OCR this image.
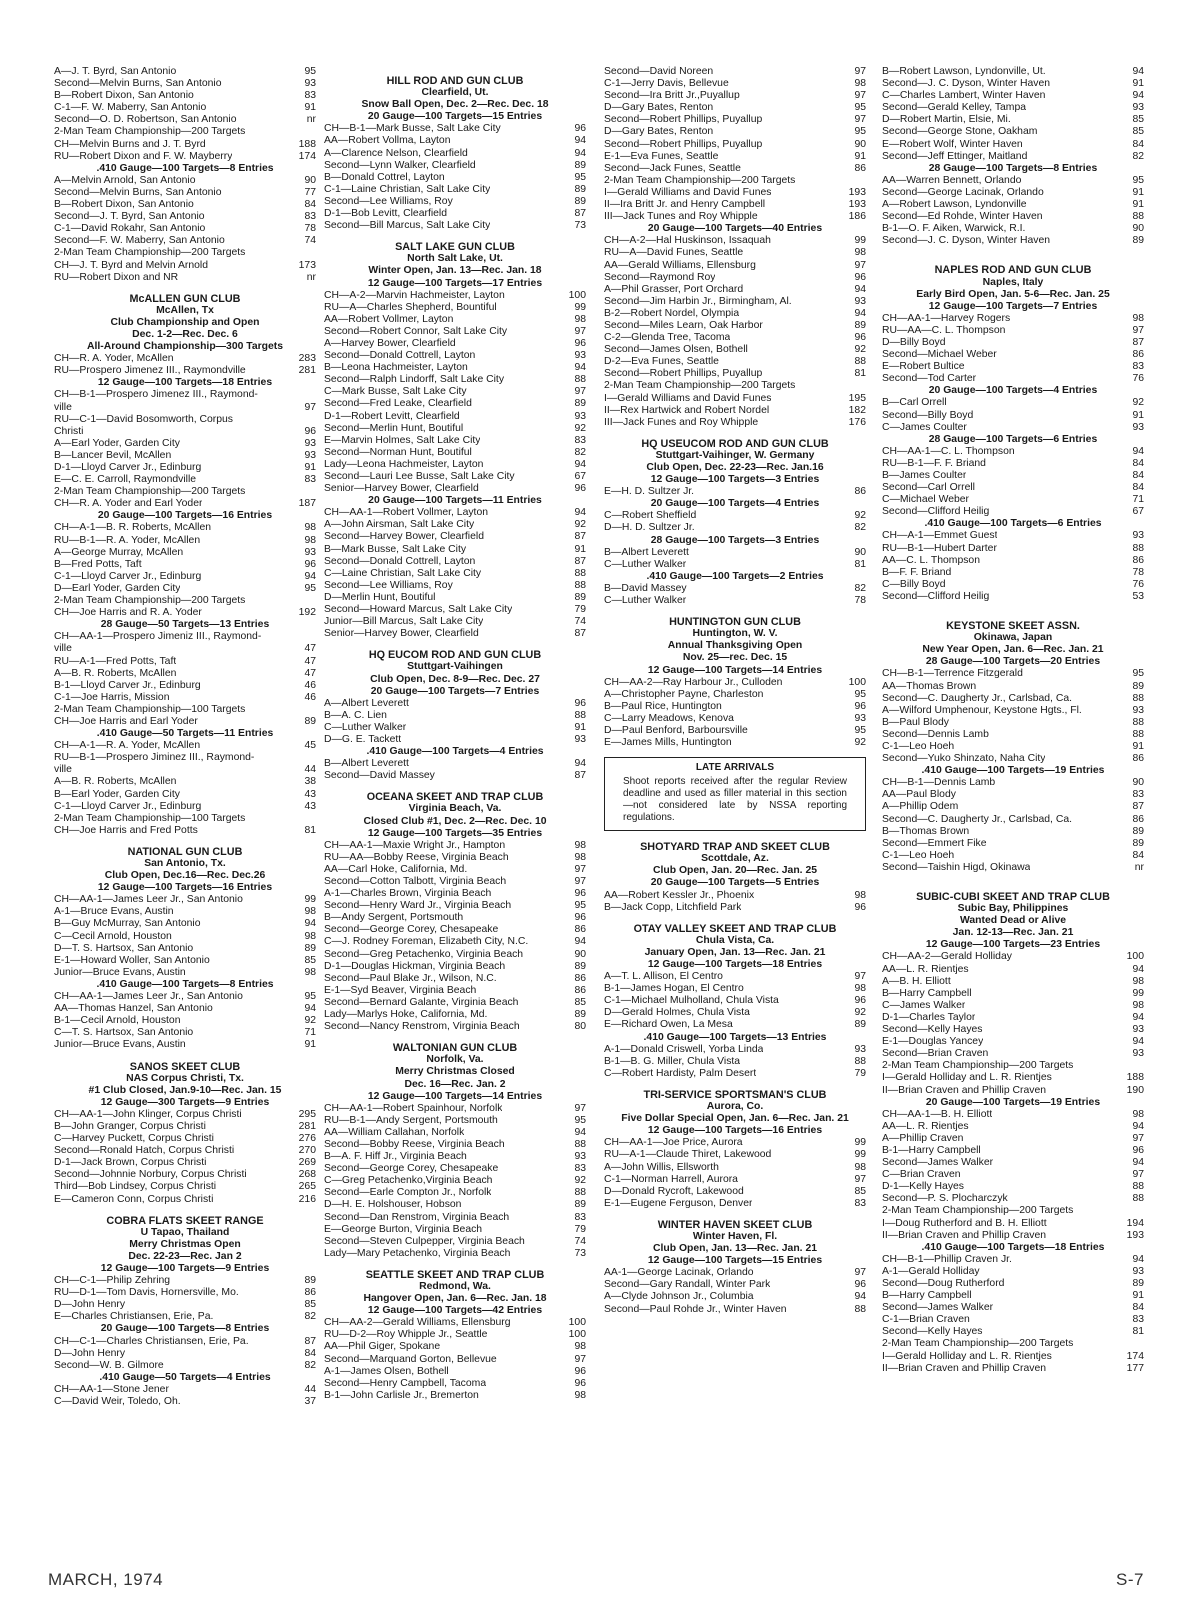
A—J. T. Byrd, San Antonio	95
Second—Melvin Burns, San Antonio	93
B—Robert Dixon, San Antonio	83
C-1—F. W. Maberry, San Antonio	91
Second—O. D. Robertson, San Antonio	nr
2-Man Team Championship—200 Targets
CH—Melvin Burns and J. T. Byrd	188
RU—Robert Dixon and F. W. Mayberry	174
.410 Gauge—100 Targets—8 Entries
A—Melvin Arnold, San Antonio	90
Second—Melvin Burns, San Antonio	77
B—Robert Dixon, San Antonio	84
Second—J. T. Byrd, San Antonio	83
C-1—David Rokahr, San Antonio	78
Second—F. W. Maberry, San Antonio	74
2-Man Team Championship—200 Targets
CH—J. T. Byrd and Melvin Arnold	173
RU—Robert Dixon and NR	nr
McALLEN GUN CLUB
McAllen, Tx
Club Championship and Open
Dec. 1-2—Rec. Dec. 6
All-Around Championship—300 Targets
CH—R. A. Yoder, McAllen	283
RU—Prospero Jimenez III., Raymondville	281
12 Gauge—100 Targets—18 Entries
CH—B-1—Prospero Jimenez III., Raymond-
ville	97
RU—C-1—David Bosomworth, Corpus
Christi	96
A—Earl Yoder, Garden City	93
B—Lancer Bevil, McAllen	93
D-1—Lloyd Carver Jr., Edinburg	91
E—C. E. Carroll, Raymondville	83
2-Man Team Championship—200 Targets
CH—R. A. Yoder and Earl Yoder	187
20 Gauge—100 Targets—16 Entries
CH—A-1—B. R. Roberts, McAllen	98
RU—B-1—R. A. Yoder, McAllen	98
A—George Murray, McAllen	93
B—Fred Potts, Taft	96
C-1—Lloyd Carver Jr., Edinburg	94
D—Earl Yoder, Garden City	95
2-Man Team Championship—200 Targets
CH—Joe Harris and R. A. Yoder	192
28 Gauge—50 Targets—13 Entries
CH—AA-1—Prospero Jimeniz III., Raymond-
ville	47
RU—A-1—Fred Potts, Taft	47
A—B. R. Roberts, McAllen	47
B-1—Lloyd Carver Jr., Edinburg	46
C-1—Joe Harris, Mission	46
2-Man Team Championship—100 Targets
CH—Joe Harris and Earl Yoder	89
.410 Gauge—50 Targets—11 Entries
CH—A-1—R. A. Yoder, McAllen	45
RU—B-1—Prospero Jiminez III., Raymond-
ville	44
A—B. R. Roberts, McAllen	38
B—Earl Yoder, Garden City	43
C-1—Lloyd Carver Jr., Edinburg	43
2-Man Team Championship—100 Targets
CH—Joe Harris and Fred Potts	81
NATIONAL GUN CLUB
San Antonio, Tx.
Club Open, Dec.16—Rec. Dec.26
12 Gauge—100 Targets—16 Entries
CH—AA-1—James Leer Jr., San Antonio	99
A-1—Bruce Evans, Austin	98
B—Guy McMurray, San Antonio	94
C—Cecil Arnold, Houston	98
D—T. S. Hartsox, San Antonio	89
E-1—Howard Woller, San Antonio	85
Junior—Bruce Evans, Austin	98
.410 Gauge—100 Targets—8 Entries
CH—AA-1—James Leer Jr., San Antonio	95
AA—Thomas Hanzel, San Antonio	94
B-1—Cecil Arnold, Houston	92
C—T. S. Hartsox, San Antonio	71
Junior—Bruce Evans, Austin	91
SANOS SKEET CLUB
NAS Corpus Christi, Tx.
#1 Club Closed, Jan.9-10—Rec. Jan. 15
12 Gauge—300 Targets—9 Entries
CH—AA-1—John Klinger, Corpus Christi	295
B—John Granger, Corpus Christi	281
C—Harvey Puckett, Corpus Christi	276
Second—Ronald Hatch, Corpus Christi	270
D-1—Jack Brown, Corpus Christi	269
Second—Johnnie Norbury, Corpus Christi	268
Third—Bob Lindsey, Corpus Christi	265
E—Cameron Conn, Corpus Christi	216
COBRA FLATS SKEET RANGE
U Tapao, Thailand
Merry Christmas Open
Dec. 22-23—Rec. Jan 2
12 Gauge—100 Targets—9 Entries
CH—C-1—Philip Zehring	89
RU—D-1—Tom Davis, Hornersville, Mo.	86
D—John Henry	85
E—Charles Christiansen, Erie, Pa.	82
20 Gauge—100 Targets—8 Entries
CH—C-1—Charles Christiansen, Erie, Pa.	87
D—John Henry	84
Second—W. B. Gilmore	82
.410 Gauge—50 Targets—4 Entries
CH—AA-1—Stone Jener	44
C—David Weir, Toledo, Oh.	37
HILL ROD AND GUN CLUB
Clearfield, Ut.
Snow Ball Open, Dec. 2—Rec. Dec. 18
20 Gauge—100 Targets—15 Entries
CH—B-1—Mark Busse, Salt Lake City	96
AA—Robert Vollma, Layton	94
A—Clarence Nelson, Clearfield	94
Second—Lynn Walker, Clearfield	89
B—Donald Cottrel, Layton	95
C-1—Laine Christian, Salt Lake City	89
Second—Lee Williams, Roy	89
D-1—Bob Levitt, Clearfield	87
Second—Bill Marcus, Salt Lake City	73
SALT LAKE GUN CLUB
North Salt Lake, Ut.
Winter Open, Jan. 13—Rec. Jan. 18
12 Gauge—100 Targets—17 Entries
CH—A-2—Marvin Hachmeister, Layton	100
RU—A—Charles Shepherd, Bountiful	99
AA—Robert Vollmer, Layton	98
Second—Robert Connor, Salt Lake City	97
A—Harvey Bower, Clearfield	96
Second—Donald Cottrell, Layton	93
B—Leona Hachmeister, Layton	94
Second—Ralph Lindorff, Salt Lake City	88
C—Mark Busse, Salt Lake City	97
Second—Fred Leake, Clearfield	89
D-1—Robert Levitt, Clearfield	93
Second—Merlin Hunt, Boutiful	92
E—Marvin Holmes, Salt Lake City	83
Second—Norman Hunt, Boutiful	82
Lady—Leona Hachmeister, Layton	94
Second—Lauri Lee Busse, Salt Lake City	67
Senior—Harvey Bower, Clearfield	96
20 Gauge—100 Targets—11 Entries
CH—AA-1—Robert Vollmer, Layton	94
A—John Airsman, Salt Lake City	92
Second—Harvey Bower, Clearfield	87
B—Mark Busse, Salt Lake City	91
Second—Donald Cottrell, Layton	87
C—Laine Christian, Salt Lake City	88
Second—Lee Williams, Roy	88
D—Merlin Hunt, Boutiful	89
Second—Howard Marcus, Salt Lake City	79
Junior—Bill Marcus, Salt Lake City	74
Senior—Harvey Bower, Clearfield	87
HQ EUCOM ROD AND GUN CLUB
Stuttgart-Vaihingen
Club Open, Dec. 8-9—Rec. Dec. 27
20 Gauge—100 Targets—7 Entries
A—Albert Leverett	96
B—A. C. Lien	88
C—Luther Walker	91
D—G. E. Tackett	93
.410 Gauge—100 Targets—4 Entries
B—Albert Leverett	94
Second—David Massey	87
OCEANA SKEET AND TRAP CLUB
Virginia Beach, Va.
Closed Club #1, Dec. 2—Rec. Dec. 10
12 Gauge—100 Targets—35 Entries
CH—AA-1—Maxie Wright Jr., Hampton	98
RU—AA—Bobby Reese, Virginia Beach	98
AA—Carl Hoke, California, Md.	97
Second—Cotton Talbott, Virginia Beach	97
A-1—Charles Brown, Virginia Beach	96
Second—Henry Ward Jr., Virginia Beach	95
B—Andy Sergent, Portsmouth	96
Second—George Corey, Chesapeake	86
C—J. Rodney Foreman, Elizabeth City, N.C.	94
Second—Greg Petachenko, Virginia Beach	90
D-1—Douglas Hickman, Virginia Beach	89
Second—Paul Blake Jr., Wilson, N.C.	86
E-1—Syd Beaver, Virginia Beach	86
Second—Bernard Galante, Virginia Beach	85
Lady—Marlys Hoke, California, Md.	89
Second—Nancy Renstrom, Virginia Beach	80
WALTONIAN GUN CLUB
Norfolk, Va.
Merry Christmas Closed
Dec. 16—Rec. Jan. 2
12 Gauge—100 Targets—14 Entries
CH—AA-1—Robert Spainhour, Norfolk	97
RU—B-1—Andy Sergent, Portsmouth	95
AA—William Callahan, Norfolk	94
Second—Bobby Reese, Virginia Beach	88
B—A. F. Hiff Jr., Virginia Beach	93
Second—George Corey, Chesapeake	83
C—Greg Petachenko,Virginia Beach	92
Second—Earle Compton Jr., Norfolk	88
D—H. E. Holshouser, Hobson	89
Second—Dan Renstrom, Virginia Beach	83
E—George Burton, Virginia Beach	79
Second—Steven Culpepper, Virginia Beach	74
Lady—Mary Petachenko, Virginia Beach	73
SEATTLE SKEET AND TRAP CLUB
Redmond, Wa.
Hangover Open, Jan. 6—Rec. Jan. 18
12 Gauge—100 Targets—42 Entries
CH—AA-2—Gerald Williams, Ellensburg	100
RU—D-2—Roy Whipple Jr., Seattle	100
AA—Phil Giger, Spokane	98
Second—Marquand Gorton, Bellevue	97
A-1—James Olsen, Bothell	96
Second—Henry Campbell, Tacoma	96
B-1—John Carlisle Jr., Bremerton	98
Second—David Noreen	97
C-1—Jerry Davis, Bellevue	98
Second—Ira Britt Jr.,Puyallup	97
D—Gary Bates, Renton	95
Second—Robert Phillips, Puyallup	97
D—Gary Bates, Renton	95
Second—Robert Phillips, Puyallup	90
E-1—Eva Funes, Seattle	91
Second—Jack Funes, Seattle	86
2-Man Team Championship—200 Targets
I—Gerald Williams and David Funes	193
II—Ira Britt Jr. and Henry Campbell	193
III—Jack Tunes and Roy Whipple	186
20 Gauge—100 Targets—40 Entries
CH—A-2—Hal Huskinson, Issaquah	99
RU—A—David Funes, Seattle	98
AA—Gerald Williams, Ellensburg	97
Second—Raymond Roy	96
A—Phil Grasser, Port Orchard	94
Second—Jim Harbin Jr., Birmingham, Al.	93
B-2—Robert Nordel, Olympia	94
Second—Miles Learn, Oak Harbor	89
C-2—Glenda Tree, Tacoma	96
Second—James Olsen, Bothell	92
D-2—Eva Funes, Seattle	88
Second—Robert Phillips, Puyallup	81
2-Man Team Championship—200 Targets
I—Gerald Williams and David Funes	195
II—Rex Hartwick and Robert Nordel	182
III—Jack Funes and Roy Whipple	176
HQ USEUCOM ROD AND GUN CLUB
Stuttgart-Vaihinger, W. Germany
Club Open, Dec. 22-23—Rec. Jan.16
12 Gauge—100 Targets—3 Entries
E—H. D. Sultzer Jr.	86
20 Gauge—100 Targets—4 Entries
C—Robert Sheffield	92
D—H. D. Sultzer Jr.	82
28 Gauge—100 Targets—3 Entries
B—Albert Leverett	90
C—Luther Walker	81
.410 Gauge—100 Targets—2 Entries
B—David Massey	82
C—Luther Walker	78
HUNTINGTON GUN CLUB
Huntington, W. V.
Annual Thanksgiving Open
Nov. 25—rec. Dec. 15
12 Gauge—100 Targets—14 Entries
CH—AA-2—Ray Harbour Jr., Culloden	100
A—Christopher Payne, Charleston	95
B—Paul Rice, Huntington	96
C—Larry Meadows, Kenova	93
D—Paul Benford, Barboursville	95
E—James Mills, Huntington	92
LATE ARRIVALS
Shoot reports received after the regular Review deadline and used as filler material in this section—not considered late by NSSA reporting regulations.
SHOTYARD TRAP AND SKEET CLUB
Scottdale, Az.
Club Open, Jan. 20—Rec. Jan. 25
20 Gauge—100 Targets—5 Entries
AA—Robert Kessler Jr., Phoenix	98
B—Jack Copp, Litchfield Park	96
OTAY VALLEY SKEET AND TRAP CLUB
Chula Vista, Ca.
January Open, Jan. 13—Rec. Jan. 21
12 Gauge—100 Targets—18 Entries
A—T. L. Allison, El Centro	97
B-1—James Hogan, El Centro	98
C-1—Michael Mulholland, Chula Vista	96
D—Gerald Holmes, Chula Vista	92
E—Richard Owen, La Mesa	89
.410 Gauge—100 Targets—13 Entries
A-1—Donald Criswell, Yorba Linda	93
B-1—B. G. Miller, Chula Vista	88
C—Robert Hardisty, Palm Desert	79
TRI-SERVICE SPORTSMAN'S CLUB
Aurora, Co.
Five Dollar Special Open, Jan. 6—Rec. Jan. 21
12 Gauge—100 Targets—16 Entries
CH—AA-1—Joe Price, Aurora	99
RU—A-1—Claude Thiret, Lakewood	99
A—John Willis, Ellsworth	98
C-1—Norman Harrell, Aurora	97
D—Donald Rycroft, Lakewood	85
E-1—Eugene Ferguson, Denver	83
WINTER HAVEN SKEET CLUB
Winter Haven, Fl.
Club Open, Jan. 13—Rec. Jan. 21
12 Gauge—100 Targets—15 Entries
AA-1—George Lacinak, Orlando	97
Second—Gary Randall, Winter Park	96
A—Clyde Johnson Jr., Columbia	94
Second—Paul Rohde Jr., Winter Haven	88
B—Robert Lawson, Lyndonville, Ut.	94
Second—J. C. Dyson, Winter Haven	91
C—Charles Lambert, Winter Haven	94
Second—Gerald Kelley, Tampa	93
D—Robert Martin, Elsie, Mi.	85
Second—George Stone, Oakham	85
E—Robert Wolf, Winter Haven	84
Second—Jeff Ettinger, Maitland	82
28 Gauge—100 Targets—8 Entries
AA—Warren Bennett, Orlando	95
Second—George Lacinak, Orlando	91
A—Robert Lawson, Lyndonville	91
Second—Ed Rohde, Winter Haven	88
B-1—O. F. Aiken, Warwick, R.I.	90
Second—J. C. Dyson, Winter Haven	89
NAPLES ROD AND GUN CLUB
Naples, Italy
Early Bird Open, Jan. 5-6—Rec. Jan. 25
12 Gauge—100 Targets—7 Entries
CH—AA-1—Harvey Rogers	98
RU—AA—C. L. Thompson	97
D—Billy Boyd	87
Second—Michael Weber	86
E—Robert Bultice	83
Second—Tod Carter	76
20 Gauge—100 Targets—4 Entries
B—Carl Orrell	92
Second—Billy Boyd	91
C—James Coulter	93
28 Gauge—100 Targets—6 Entries
CH—AA-1—C. L. Thompson	94
RU—B-1—F. F. Briand	84
B—James Coulter	84
Second—Carl Orrell	84
C—Michael Weber	71
Second—Clifford Heilig	67
.410 Gauge—100 Targets—6 Entries
CH—A-1—Emmet Guest	93
RU—B-1—Hubert Darter	88
AA—C. L. Thompson	86
B—F. F. Briand	78
C—Billy Boyd	76
Second—Clifford Heilig	53
KEYSTONE SKEET ASSN.
Okinawa, Japan
New Year Open, Jan. 6—Rec. Jan. 21
28 Gauge—100 Targets—20 Entries
CH—B-1—Terrence Fitzgerald	95
AA—Thomas Brown	89
Second—C. Daugherty Jr., Carlsbad, Ca.	88
A—Wilford Umphenour, Keystone Hgts., Fl.	93
B—Paul Blody	88
Second—Dennis Lamb	88
C-1—Leo Hoeh	91
Second—Yuko Shinzato, Naha City	86
.410 Gauge—100 Targets—19 Entries
CH—B-1—Dennis Lamb	90
AA—Paul Blody	83
A—Phillip Odem	87
Second—C. Daugherty Jr., Carlsbad, Ca.	86
B—Thomas Brown	89
Second—Emmert Fike	89
C-1—Leo Hoeh	84
Second—Taishin Higd, Okinawa	nr
SUBIC-CUBI SKEET AND TRAP CLUB
Subic Bay, Philippines
Wanted Dead or Alive
Jan. 12-13—Rec. Jan. 21
12 Gauge—100 Targets—23 Entries
CH—AA-2—Gerald Holliday	100
AA—L. R. Rientjes	94
A—B. H. Elliott	98
B—Harry Campbell	99
C—James Walker	98
D-1—Charles Taylor	94
Second—Kelly Hayes	93
E-1—Douglas Yancey	94
Second—Brian Craven	93
2-Man Team Championship—200 Targets
I—Gerald Holliday and L. R. Rientjes	188
II—Brian Craven and Phillip Craven	190
20 Gauge—100 Targets—19 Entries
CH—AA-1—B. H. Elliott	98
AA—L. R. Rientjes	94
A—Phillip Craven	97
B-1—Harry Campbell	96
Second—James Walker	94
C—Brian Craven	97
D-1—Kelly Hayes	88
Second—P. S. Plocharczyk	88
2-Man Team Championship—200 Targets
I—Doug Rutherford and B. H. Elliott	194
II—Brian Craven and Phillip Craven	193
.410 Gauge—100 Targets—18 Entries
CH—B-1—Phillip Craven Jr.	94
A-1—Gerald Holliday	93
Second—Doug Rutherford	89
B—Harry Campbell	91
Second—James Walker	84
C-1—Brian Craven	83
Second—Kelly Hayes	81
2-Man Team Championship—200 Targets
I—Gerald Holliday and L. R. Rientjes	174
II—Brian Craven and Phillip Craven	177
MARCH, 1974	S-7
